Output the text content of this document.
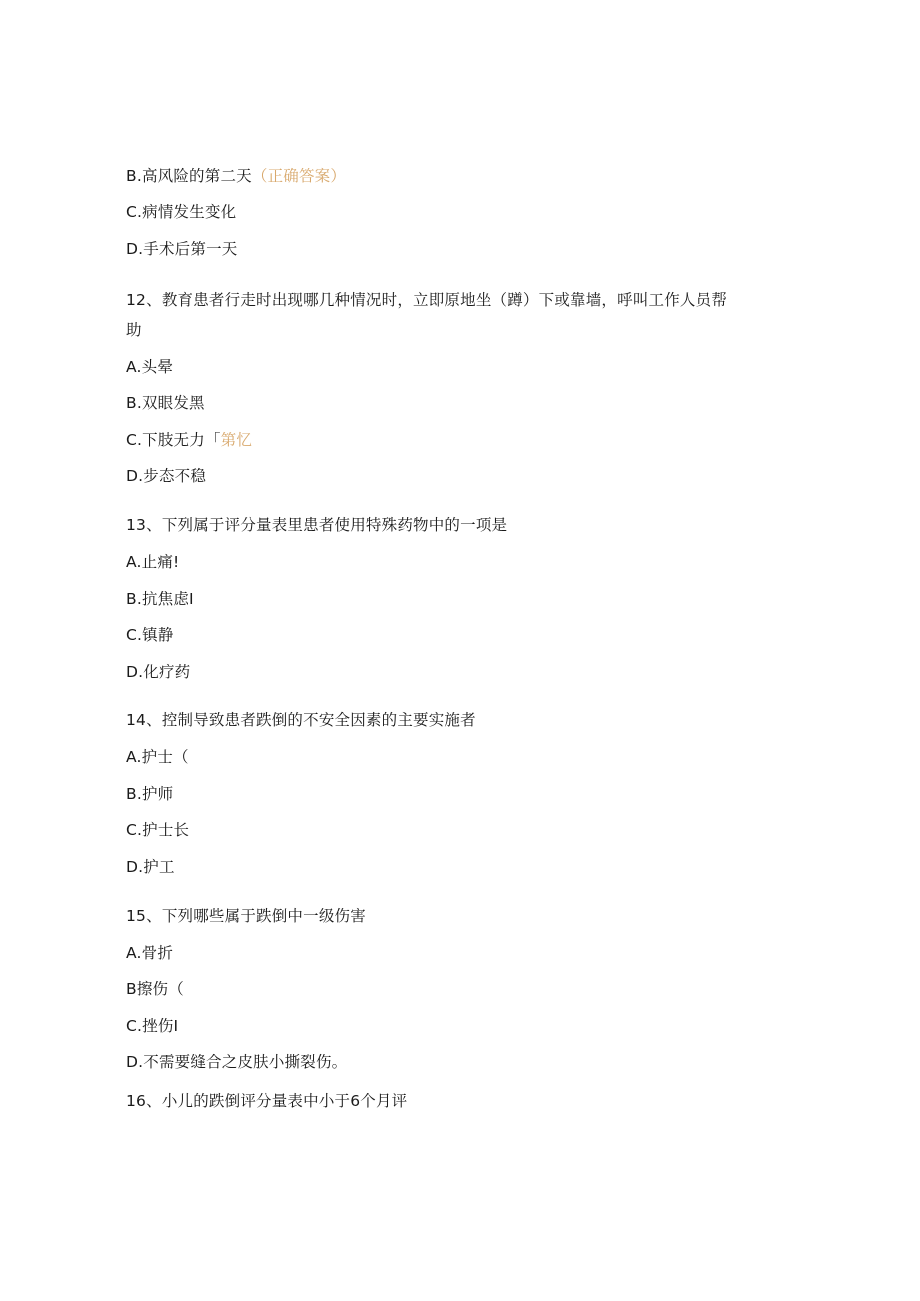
B.高风险的第二天（正确答案）
C.病情发生变化
D.手术后第一天
12、教育患者行走时出现哪几种情况时，立即原地坐（蹲）下或靠墙，呼叫工作人员帮
助
A.头晕
B.双眼发黑
C.下肢无力「第忆
D.步态不稳
13、下列属于评分量表里患者使用特殊药物中的一项是
A.止痛!
B.抗焦虑I
C.镇静
D.化疗药
14、控制导致患者跌倒的不安全因素的主要实施者
A.护士（
B.护师
C.护士长
D.护工
15、下列哪些属于跌倒中一级伤害
A.骨折
B擦伤（
C.挫伤I
D.不需要缝合之皮肤小撕裂伤。
16、小儿的跌倒评分量表中小于6个月评
